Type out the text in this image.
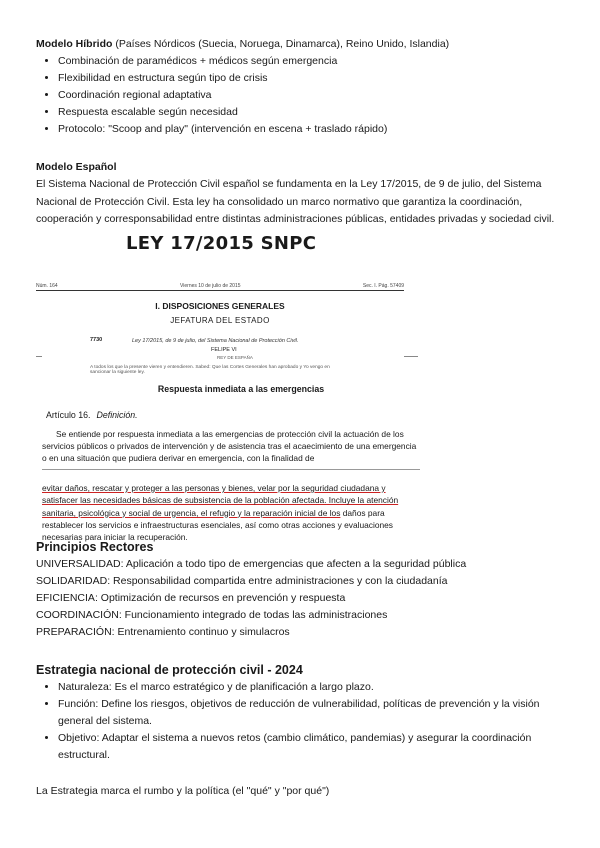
Modelo Híbrido (Países Nórdicos (Suecia, Noruega, Dinamarca), Reino Unido, Islandia)

• Combinación de paramédicos + médicos según emergencia
• Flexibilidad en estructura según tipo de crisis
• Coordinación regional adaptativa
• Respuesta escalable según necesidad
• Protocolo: "Scoop and play" (intervención en escena + traslado rápido)

Modelo Español

El Sistema Nacional de Protección Civil español se fundamenta en la Ley 17/2015, de 9 de julio, del Sistema Nacional de Protección Civil. Esta ley ha consolidado un marco normativo que garantiza la coordinación, cooperación y corresponsabilidad entre distintas administraciones públicas, entidades privadas y sociedad civil.

LEY 17/2015 SNPC
Núm. 164	Viernes 10 de julio de 2015	Sec. I. Pág. 57409
I. DISPOSICIONES GENERALES
JEFATURA DEL ESTADO
7730	Ley 17/2015, de 9 de julio, del Sistema Nacional de Protección Civil.
FELIPE VI
REY DE ESPAÑA
A todos los que la presente vieren y entendieren. Sabed: Que las Cortes Generales han aprobado y Yo vengo en sancionar la siguiente ley.
Respuesta inmediata a las emergencias
Artículo 16. Definición.

Se entiende por respuesta inmediata a las emergencias de protección civil la actuación de los servicios públicos o privados de intervención y de asistencia tras el acaecimiento de una emergencia o en una situación que pudiera derivar en emergencia, con la finalidad de

evitar daños, rescatar y proteger a las personas y bienes, velar por la seguridad ciudadana y satisfacer las necesidades básicas de subsistencia de la población afectada. Incluye la atención sanitaria, psicológica y social de urgencia, el refugio y la reparación inicial de los daños para restablecer los servicios e infraestructuras esenciales, así como otras acciones y evaluaciones necesarias para iniciar la recuperación.

Principios Rectores

UNIVERSALIDAD: Aplicación a todo tipo de emergencias que afecten a la seguridad pública

SOLIDARIDAD: Responsabilidad compartida entre administraciones y con la ciudadanía

EFICIENCIA: Optimización de recursos en prevención y respuesta

COORDINACIÓN: Funcionamiento integrado de todas las administraciones

PREPARACIÓN: Entrenamiento continuo y simulacros

Estrategia nacional de protección civil - 2024

• Naturaleza: Es el marco estratégico y de planificación a largo plazo.
• Función: Define los riesgos, objetivos de reducción de vulnerabilidad, políticas de prevención y la visión general del sistema.
• Objetivo: Adaptar el sistema a nuevos retos (cambio climático, pandemias) y asegurar la coordinación estructural.

La Estrategia marca el rumbo y la política (el "qué" y "por qué")
